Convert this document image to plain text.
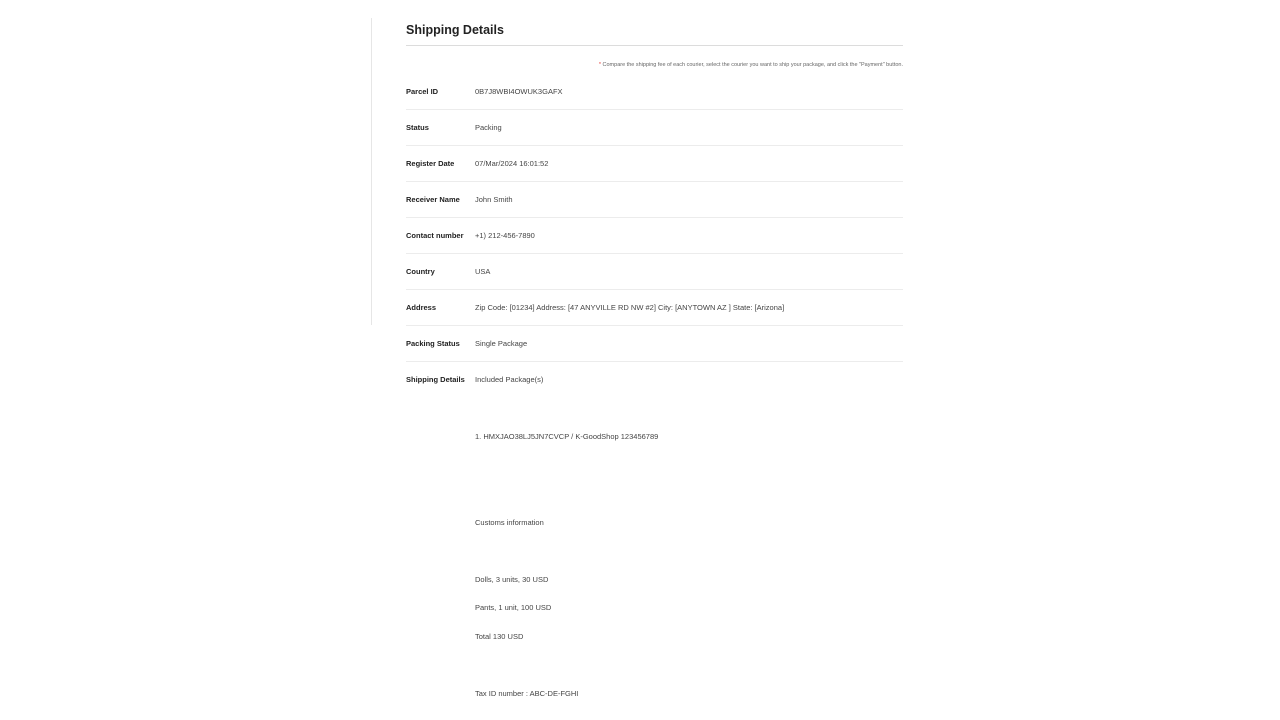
Shipping Details
* Compare the shipping fee of each courier, select the courier you want to ship your package, and click the "Payment" button.
Parcel ID	0B7J8WBI4OWUK3GAFX
Status	Packing
Register Date	07/Mar/2024 16:01:52
Receiver Name John Smith
Contact number +1) 212-456-7890
Country	USA
Address	Zip Code: [01234] Address: [47 ANYVILLE RD NW #2] City: [ANYTOWN AZ ] State: [Arizona]
Packing Status Single Package
Shipping Details Included Package(s)
1. HMXJAO38LJ5JN7CVCP / K-GoodShop 123456789
Customs information
Dolls, 3 units, 30 USD
Pants, 1 unit, 100 USD
Total 130 USD
Tax ID number : ABC-DE-FGHI
